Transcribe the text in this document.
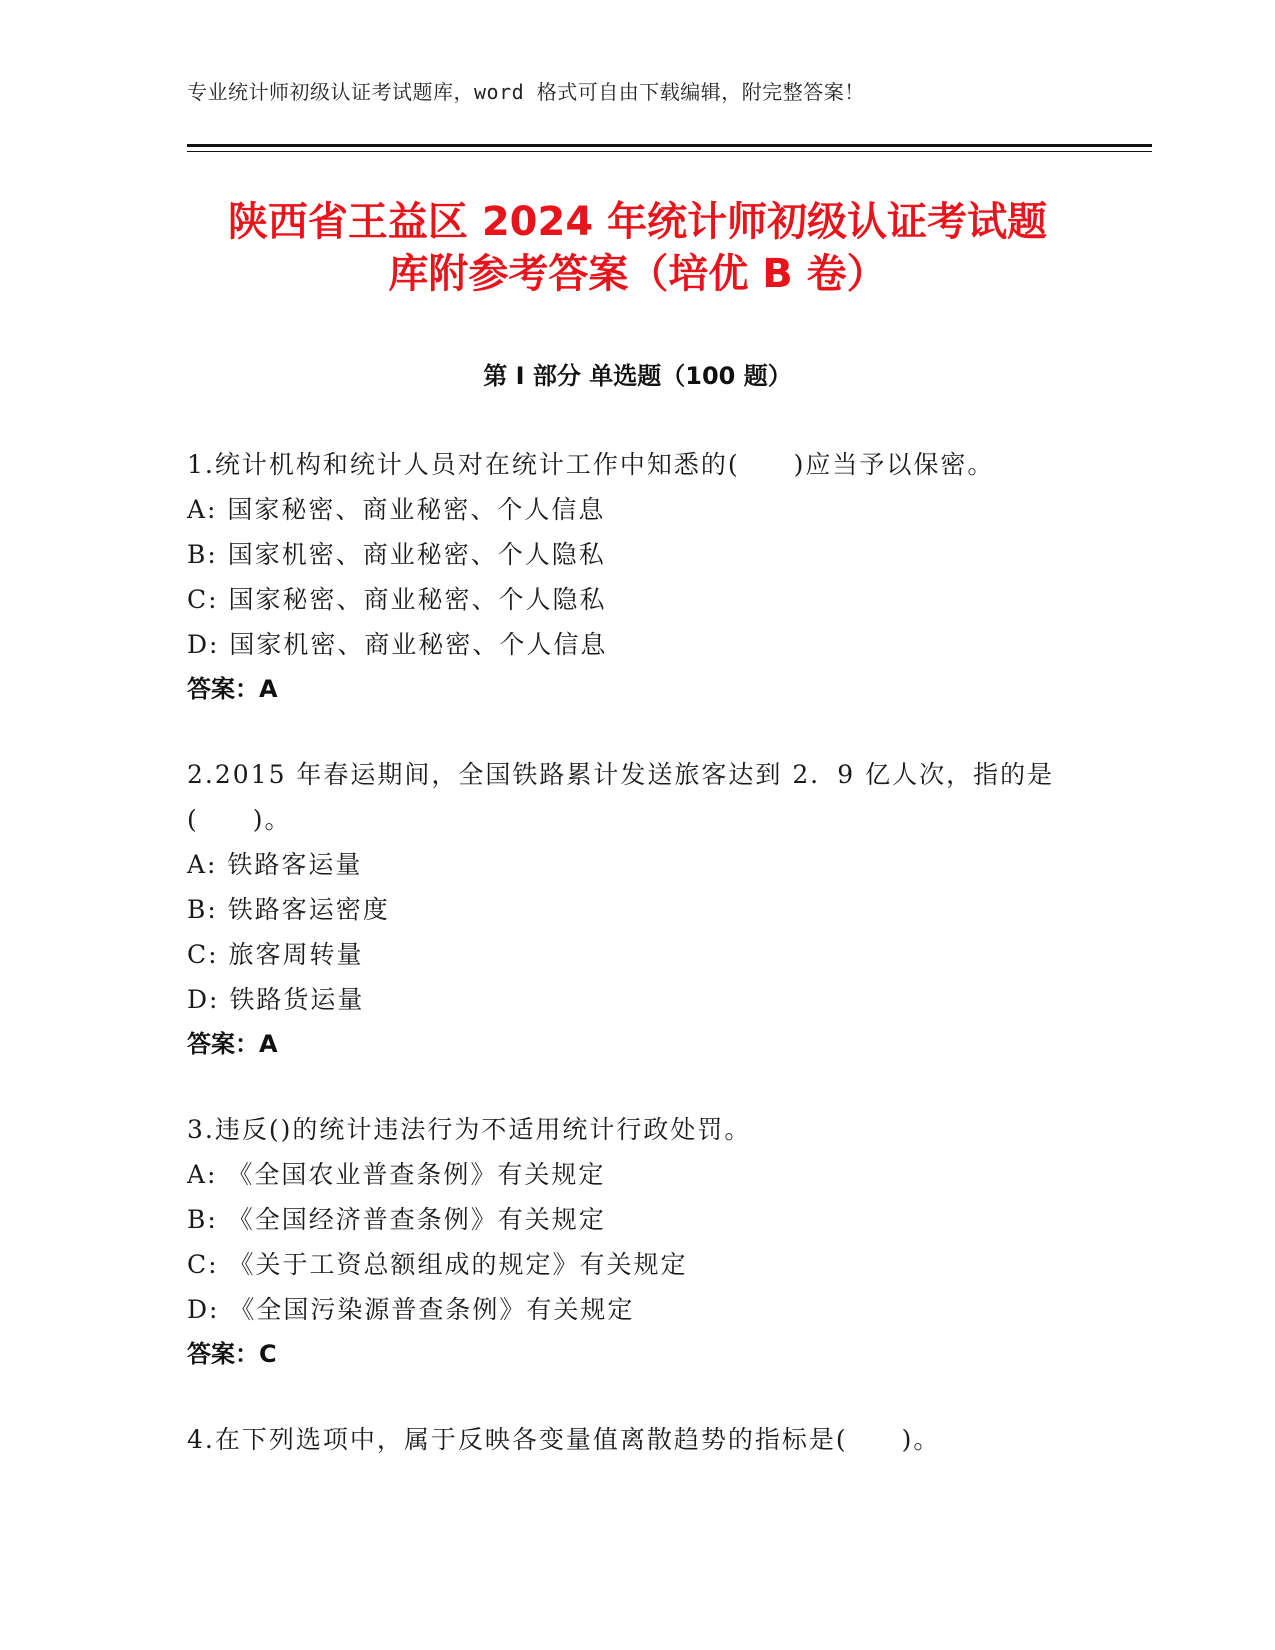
专业统计师初级认证考试题库，word 格式可自由下载编辑，附完整答案！
陕西省王益区 2024 年统计师初级认证考试题
库附参考答案（培优 B 卷）
第 I 部分 单选题（100 题）
1.统计机构和统计人员对在统计工作中知悉的(　　)应当予以保密。
A: 国家秘密、商业秘密、个人信息
B: 国家机密、商业秘密、个人隐私
C: 国家秘密、商业秘密、个人隐私
D: 国家机密、商业秘密、个人信息
答案：A
2.2015 年春运期间，全国铁路累计发送旅客达到 2．9 亿人次，指的是(　　)。
A: 铁路客运量
B: 铁路客运密度
C: 旅客周转量
D: 铁路货运量
答案：A
3.违反()的统计违法行为不适用统计行政处罚。
A: 《全国农业普查条例》有关规定
B: 《全国经济普查条例》有关规定
C: 《关于工资总额组成的规定》有关规定
D: 《全国污染源普查条例》有关规定
答案：C
4.在下列选项中，属于反映各变量值离散趋势的指标是(　　)。
